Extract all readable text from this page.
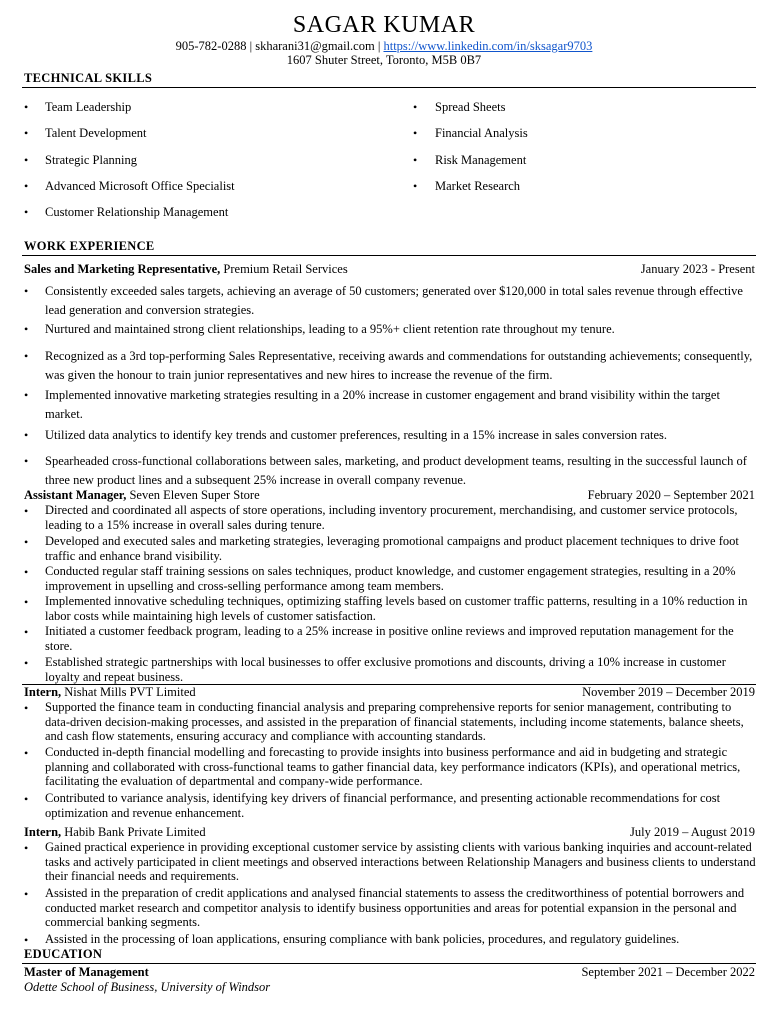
SAGAR KUMAR
905-782-0288 | skharani31@gmail.com | https://www.linkedin.com/in/sksagar9703
1607 Shuter Street, Toronto, M5B 0B7
TECHNICAL SKILLS
• Team Leadership
• Talent Development
• Strategic Planning
• Advanced Microsoft Office Specialist
• Customer Relationship Management
• Spread Sheets
• Financial Analysis
• Risk Management
• Market Research
WORK EXPERIENCE
Sales and Marketing Representative, Premium Retail Services	January 2023 - Present
• Consistently exceeded sales targets, achieving an average of 50 customers; generated over $120,000 in total sales revenue through effective lead generation and conversion strategies.
• Nurtured and maintained strong client relationships, leading to a 95%+ client retention rate throughout my tenure.
• Recognized as a 3rd top-performing Sales Representative, receiving awards and commendations for outstanding achievements; consequently, was given the honour to train junior representatives and new hires to increase the revenue of the firm.
• Implemented innovative marketing strategies resulting in a 20% increase in customer engagement and brand visibility within the target market.
• Utilized data analytics to identify key trends and customer preferences, resulting in a 15% increase in sales conversion rates.
• Spearheaded cross-functional collaborations between sales, marketing, and product development teams, resulting in the successful launch of three new product lines and a subsequent 25% increase in overall company revenue.
Assistant Manager, Seven Eleven Super Store	February 2020 – September 2021
• Directed and coordinated all aspects of store operations, including inventory procurement, merchandising, and customer service protocols, leading to a 15% increase in overall sales during tenure.
• Developed and executed sales and marketing strategies, leveraging promotional campaigns and product placement techniques to drive foot traffic and enhance brand visibility.
• Conducted regular staff training sessions on sales techniques, product knowledge, and customer engagement strategies, resulting in a 20% improvement in upselling and cross-selling performance among team members.
• Implemented innovative scheduling techniques, optimizing staffing levels based on customer traffic patterns, resulting in a 10% reduction in labor costs while maintaining high levels of customer satisfaction.
• Initiated a customer feedback program, leading to a 25% increase in positive online reviews and improved reputation management for the store.
• Established strategic partnerships with local businesses to offer exclusive promotions and discounts, driving a 10% increase in customer loyalty and repeat business.
Intern, Nishat Mills PVT Limited	November 2019 – December 2019
• Supported the finance team in conducting financial analysis and preparing comprehensive reports for senior management, contributing to data-driven decision-making processes, and assisted in the preparation of financial statements, including income statements, balance sheets, and cash flow statements, ensuring accuracy and compliance with accounting standards.
• Conducted in-depth financial modelling and forecasting to provide insights into business performance and aid in budgeting and strategic planning and collaborated with cross-functional teams to gather financial data, key performance indicators (KPIs), and operational metrics, facilitating the evaluation of departmental and company-wide performance.
• Contributed to variance analysis, identifying key drivers of financial performance, and presenting actionable recommendations for cost optimization and revenue enhancement.
Intern, Habib Bank Private Limited	July 2019 – August 2019
• Gained practical experience in providing exceptional customer service by assisting clients with various banking inquiries and account-related tasks and actively participated in client meetings and observed interactions between Relationship Managers and business clients to understand their financial needs and requirements.
• Assisted in the preparation of credit applications and analysed financial statements to assess the creditworthiness of potential borrowers and conducted market research and competitor analysis to identify business opportunities and areas for potential expansion in the personal and commercial banking segments.
• Assisted in the processing of loan applications, ensuring compliance with bank policies, procedures, and regulatory guidelines.
EDUCATION
Master of Management	September 2021 – December 2022
Odette School of Business, University of Windsor
